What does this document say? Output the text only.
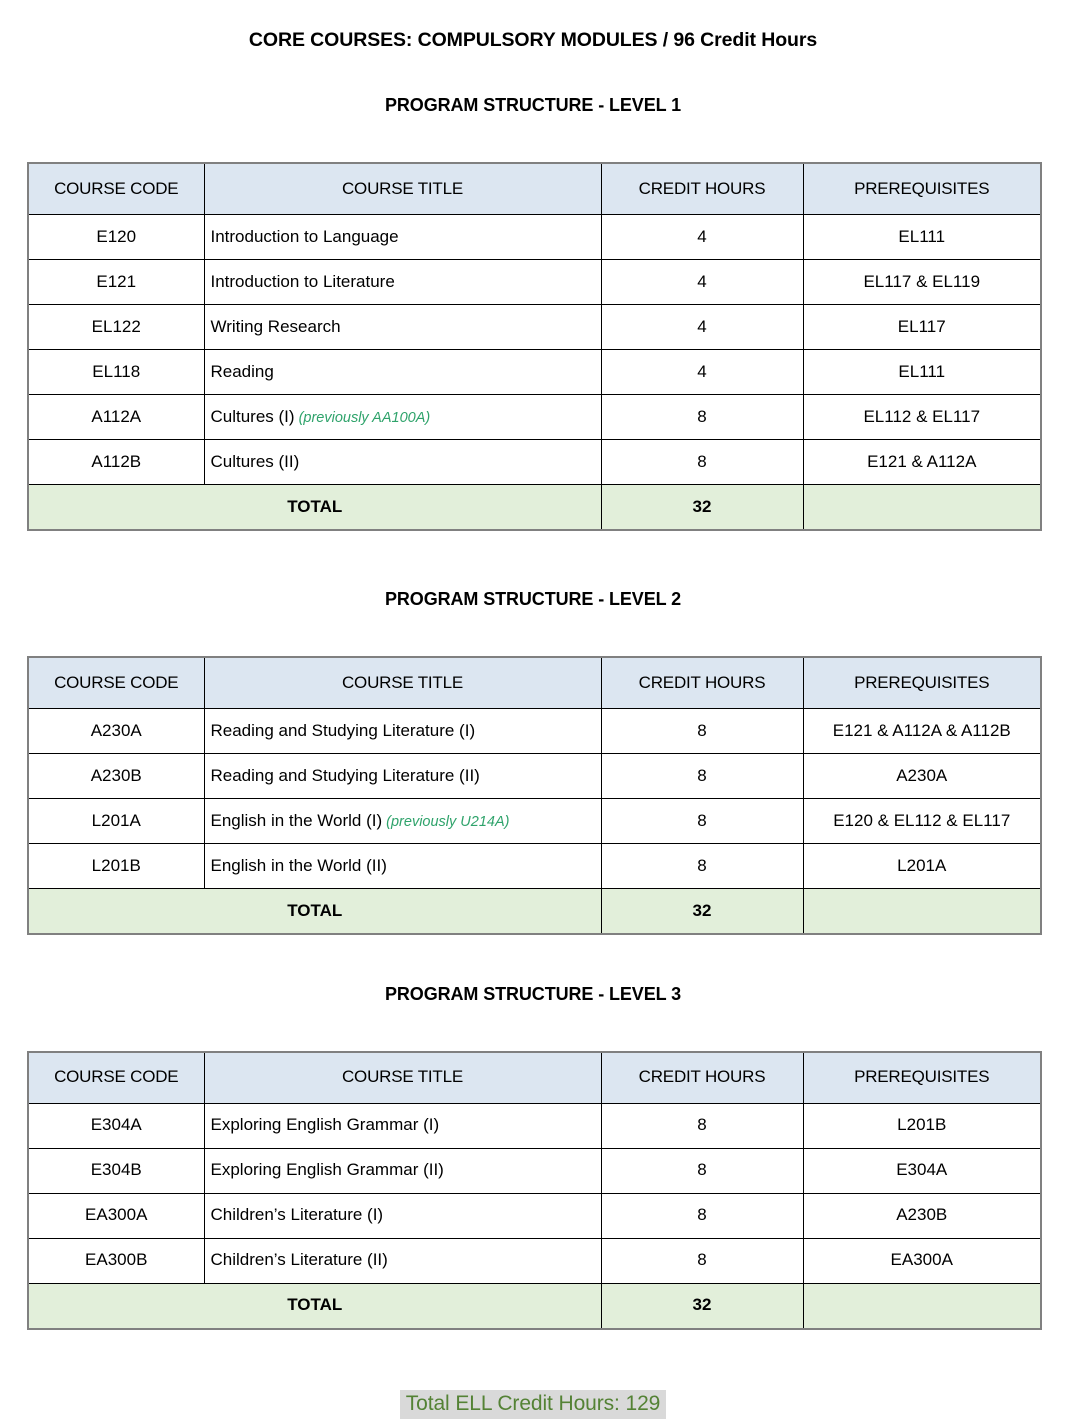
CORE COURSES: COMPULSORY MODULES / 96 Credit Hours
PROGRAM STRUCTURE - LEVEL 1
COURSE CODE	COURSE TITLE	CREDIT HOURS	PREREQUISITES
E120	Introduction to Language	4	EL111
E121	Introduction to Literature	4	EL117 & EL119
EL122	Writing Research	4	EL117
EL118	Reading	4	EL111
A112A	Cultures (I) (previously AA100A)	8	EL112 & EL117
A112B	Cultures (II)	8	E121 & A112A
TOTAL		32	
PROGRAM STRUCTURE - LEVEL 2
COURSE CODE	COURSE TITLE	CREDIT HOURS	PREREQUISITES
A230A	Reading and Studying Literature (I)	8	E121 & A112A & A112B
A230B	Reading and Studying Literature (II)	8	A230A
L201A	English in the World (I) (previously U214A)	8	E120 & EL112 & EL117
L201B	English in the World (II)	8	L201A
TOTAL		32	
PROGRAM STRUCTURE - LEVEL 3
COURSE CODE	COURSE TITLE	CREDIT HOURS	PREREQUISITES
E304A	Exploring English Grammar (I)	8	L201B
E304B	Exploring English Grammar (II)	8	E304A
EA300A	Children’s Literature (I)	8	A230B
EA300B	Children’s Literature (II)	8	EA300A
TOTAL		32	
Total ELL Credit Hours: 129
